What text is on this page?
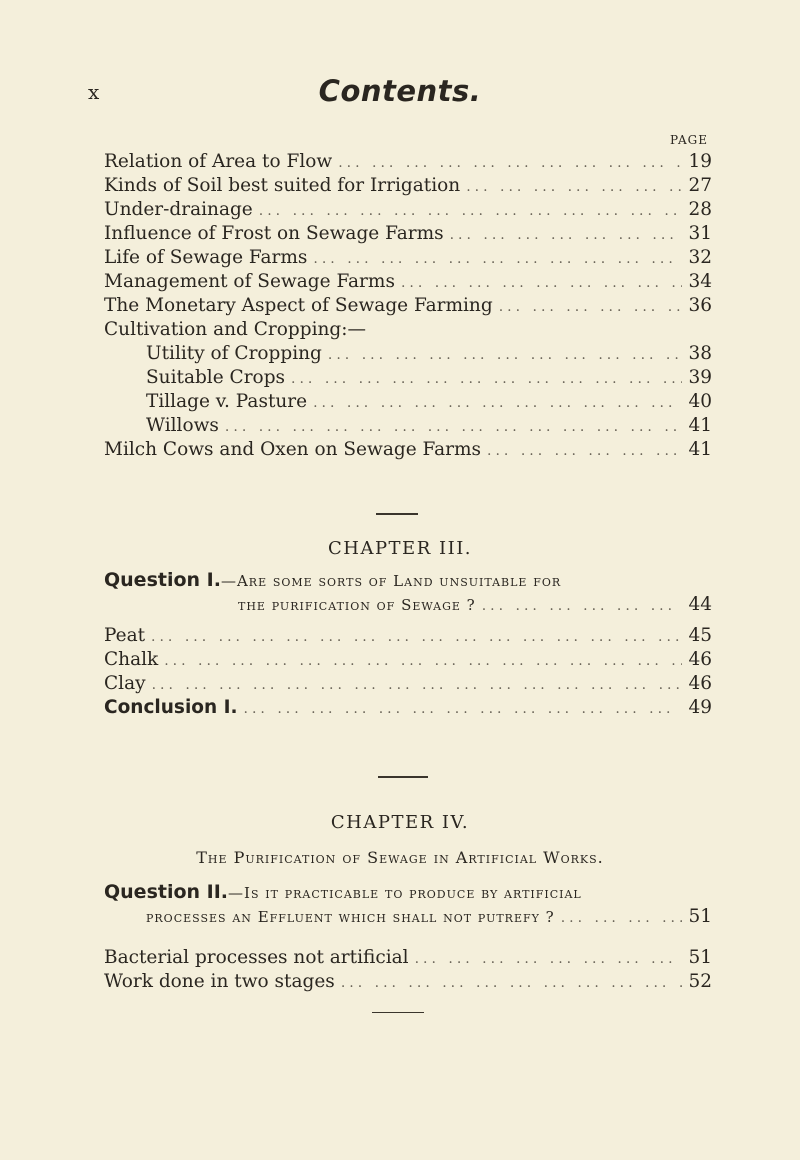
x	Contents.
PAGE
Relation of Area to Flow ... .	19
Kinds of Soil best suited for Irrigation ... .	27
Under-drainage ... .	28
Influence of Frost on Sewage Farms ... .	31
Life of Sewage Farms ... .	32
Management of Sewage Farms ... .	34
The Monetary Aspect of Sewage Farming ... .	36
Cultivation and Cropping:—
Utility of Cropping ... .	38
Suitable Crops ... .	39
Tillage v. Pasture ... .	40
Willows ... .	41
Milch Cows and Oxen on Sewage Farms ... .	41
CHAPTER III.
Question I.—Are some sorts of Land unsuitable for
the purification of Sewage ? ... .	44
Peat ... .	45
Chalk ... .	46
Clay ... .	46
Conclusion I. ... .	49
CHAPTER IV.
The Purification of Sewage in Artificial Works.
Question II.—Is it practicable to produce by artificial
processes an Effluent which shall not putrefy ? ... .	51
Bacterial processes not artificial ... .	51
Work done in two stages ... .	52
